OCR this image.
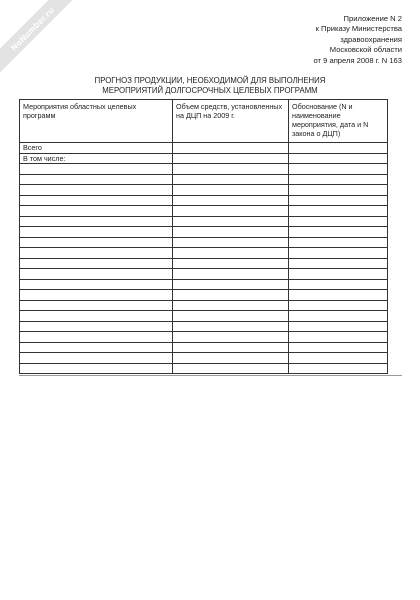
NoNumber.ru	Приложение N 2
к Приказу Министерства
здравоохранения
Московской области
от 9 апреля 2008 г. N 163
ПРОГНОЗ ПРОДУКЦИИ, НЕОБХОДИМОЙ ДЛЯ ВЫПОЛНЕНИЯ
МЕРОПРИЯТИЙ ДОЛГОСРОЧНЫХ ЦЕЛЕВЫХ ПРОГРАММ
Мероприятия областных целевых программ	Объем средств, установленных на ДЦП на 2009 г.	Обоснование (N и наименование мероприятия, дата и N закона о ДЦП)
Всего		
В том числе:		
